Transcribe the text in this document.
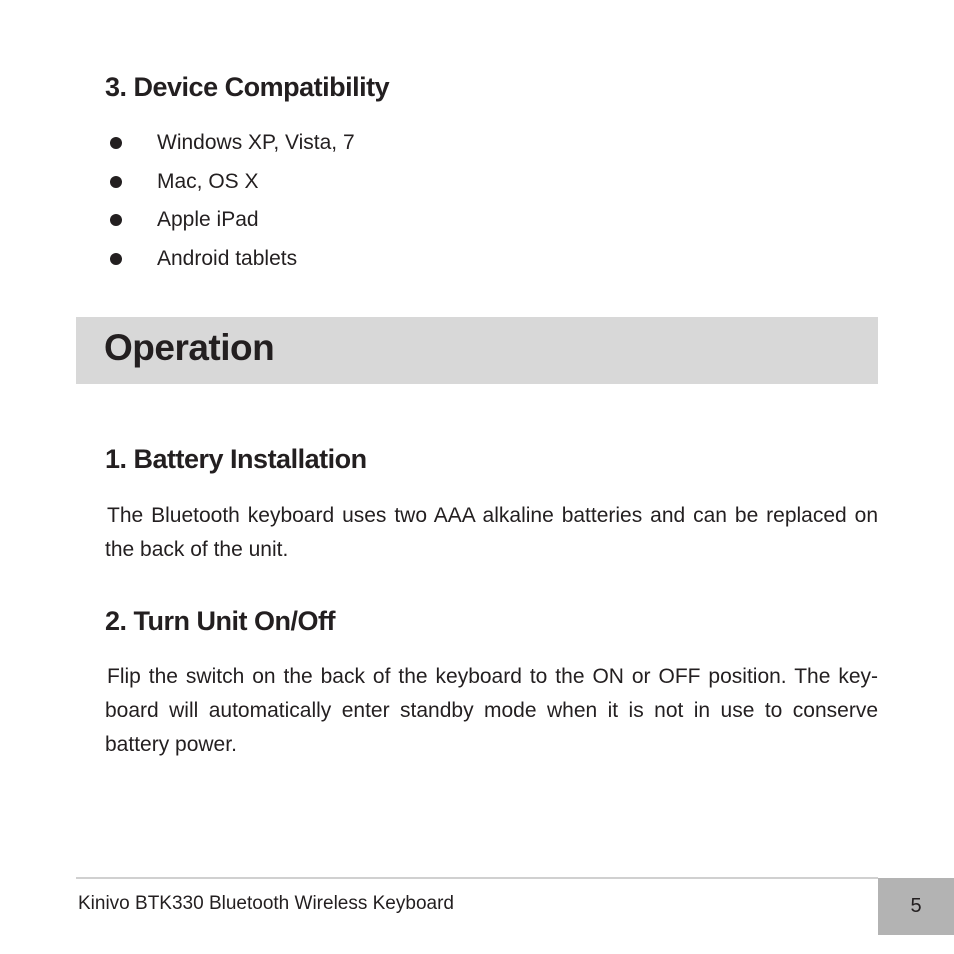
3. Device Compatibility
Windows XP, Vista, 7
Mac, OS X
Apple iPad
Android tablets
Operation
1. Battery Installation

The Bluetooth keyboard uses two AAA alkaline batteries and can be replaced on the back of the unit.

2. Turn Unit On/Off

Flip the switch on the back of the keyboard to the ON or OFF position. The key-board will automatically enter standby mode when it is not in use to conserve battery power.

Kinivo BTK330 Bluetooth Wireless Keyboard	5
